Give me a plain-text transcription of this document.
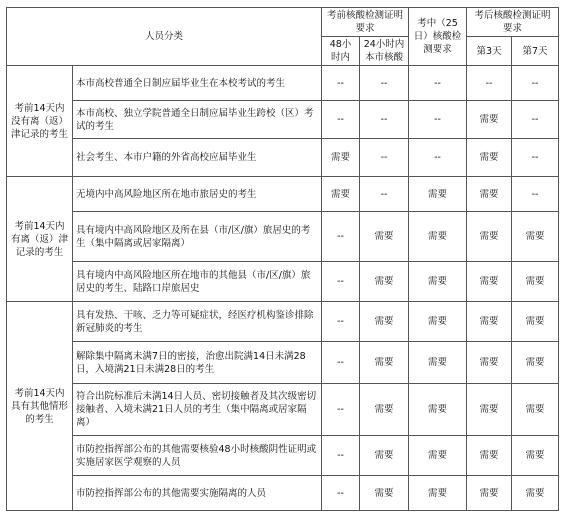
人员分类		考前核酸检测证明要求		考中（25日）核酸检测要求	考后核酸检测证明要求	
		48小时内	24小时内本市核酸		第3天	第7天
考前14天内没有离（返）津记录的考生	本市高校普通全日制应届毕业生在本校考试的考生	--	--	--	--	--
	本市高校、独立学院普通全日制应届毕业生跨校（区）考试的考生	--	--	--	需要	--
	社会考生、本市户籍的外省高校应届毕业生	需要	--	--	需要	--
考前14天内有离（返）津记录的考生	无境内中高风险地区所在地市旅居史的考生	需要	--	需要	需要	--
	具有境内中高风险地区及所在县（市/区/旗）旅居史的考生（集中隔离或居家隔离）	--	需要	需要	需要	需要
	具有境内中高风险地区所在地市的其他县（市/区/旗）旅居史的考生、陆路口岸旅居史	--	需要	需要	需要	需要
考前14天内具有其他情形的考生	具有发热、干咳、乏力等可疑症状，经医疗机构鉴诊排除新冠肺炎的考生	--	需要	需要	需要	需要
	解除集中隔离未满7日的密接，治愈出院满14日未满28日，入境满21日未满28日的考生	--	需要	需要	需要	需要
	符合出院标准后未满14日人员、密切接触者及其次级密切接触者、入境未满21日人员的考生（集中隔离或居家隔离）	--	需要	需要	需要	需要
	市防控指挥部公布的其他需要核验48小时核酸阴性证明或实施居家医学观察的人员	--	需要	需要	需要	需要
	市防控指挥部公布的其他需要实施隔离的人员	--	需要	需要	需要	需要
